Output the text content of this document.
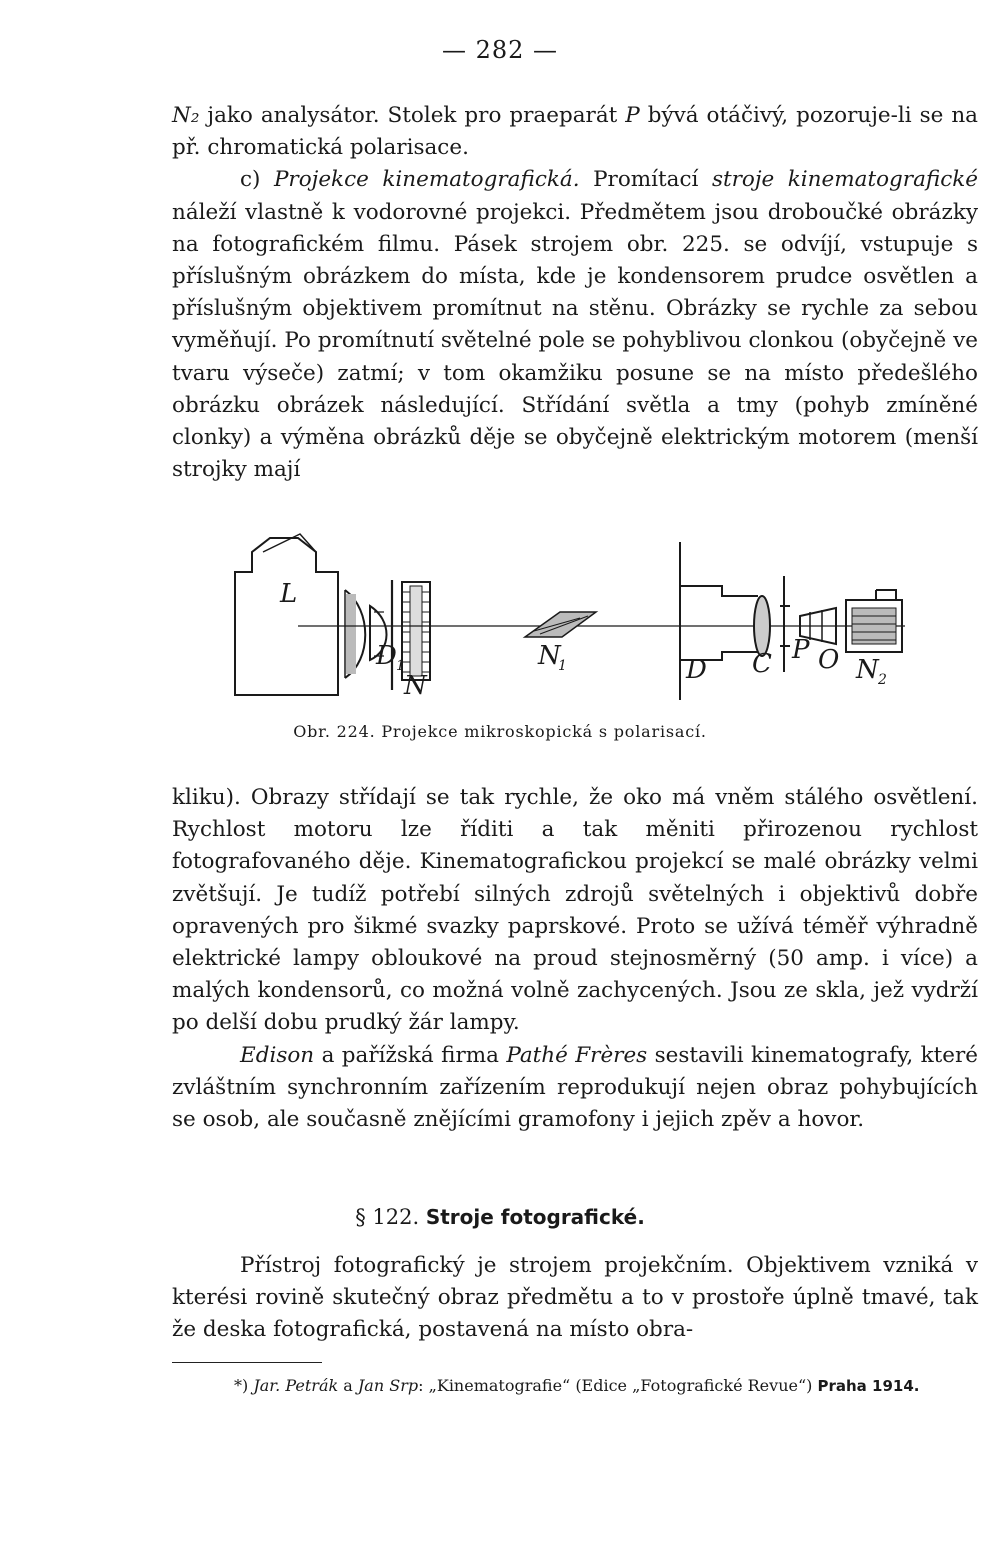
— 282 —

N₂ jako analysátor. Stolek pro praeparát P bývá otáčivý, pozoruje-li se na př. chromatická polarisace.

c) Projekce kinematografická. Promítací stroje kinematografické náleží vlastně k vodorovné projekci. Předmětem jsou droboučké obrázky na fotografickém filmu. Pásek strojem obr. 225. se odvíjí, vstupuje s příslušným obrázkem do místa, kde je kondensorem prudce osvětlen a příslušným objektivem promítnut na stěnu. Obrázky se rychle za sebou vyměňují. Po promítnutí světelné pole se pohyblivou clonkou (obyčejně ve tvaru výseče) zatmí; v tom okamžiku posune se na místo předešlého obrázku obrázek následující. Střídání světla a tmy (pohyb zmíněné clonky) a výměna obrázků děje se obyčejně elektrickým motorem (menší strojky mají

L
D 1
N
N
1	D C P O N 2
Obr. 224. Projekce mikroskopická s polarisací.

kliku). Obrazy střídají se tak rychle, že oko má vněm stálého osvětlení. Rychlost motoru lze říditi a tak měniti přirozenou rychlost fotografovaného děje. Kinematografickou projekcí se malé obrázky velmi zvětšují. Je tudíž potřebí silných zdrojů světelných i objektivů dobře opravených pro šikmé svazky paprskové. Proto se užívá téměř výhradně elektrické lampy obloukové na proud stejnosměrný (50 amp. i více) a malých kondensorů, co možná volně zachycených. Jsou ze skla, jež vydrží po delší dobu prudký žár lampy.

Edison a pařížská firma Pathé Frères sestavili kinematografy, které zvláštním synchronním zařízením reprodukují nejen obraz pohybujících se osob, ale současně znějícími gramofony i jejich zpěv a hovor.

§ 122. Stroje fotografické.

Přístroj fotografický je strojem projekčním. Objektivem vzniká v kterési rovině skutečný obraz předmětu a to v prostoře úplně tmavé, tak že deska fotografická, postavená na místo obra-

*) Jar. Petrák a Jan Srp: „Kinematografie“ (Edice „Fotografické Revue“) Praha 1914.
